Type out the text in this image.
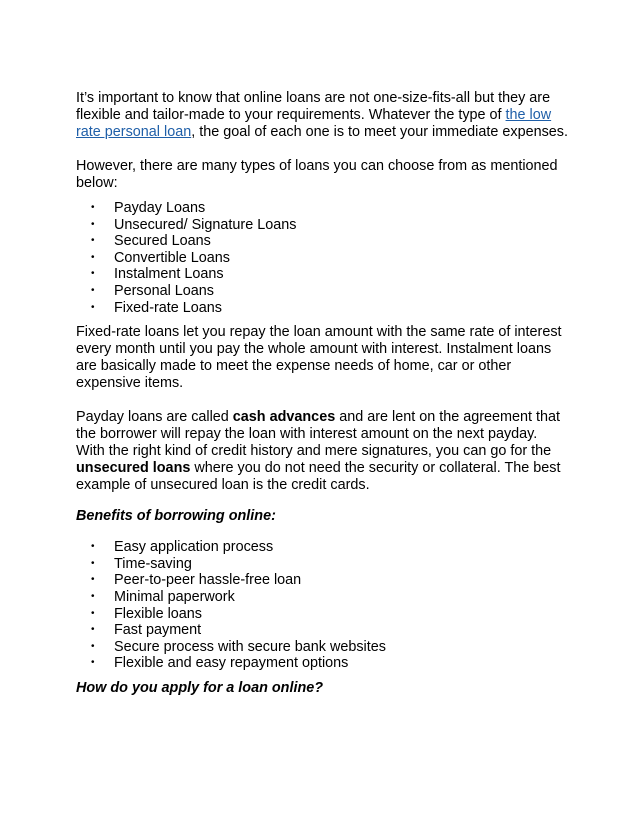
It’s important to know that online loans are not one-size-fits-all but they are flexible and tailor-made to your requirements. Whatever the type of the low rate personal loan, the goal of each one is to meet your immediate expenses.

However, there are many types of loans you can choose from as mentioned below:

• Payday Loans
• Unsecured/ Signature Loans
• Secured Loans
• Convertible Loans
• Instalment Loans
• Personal Loans
• Fixed-rate Loans

Fixed-rate loans let you repay the loan amount with the same rate of interest every month until you pay the whole amount with interest. Instalment loans are basically made to meet the expense needs of home, car or other expensive items.

Payday loans are called cash advances and are lent on the agreement that the borrower will repay the loan with interest amount on the next payday. With the right kind of credit history and mere signatures, you can go for the unsecured loans where you do not need the security or collateral. The best example of unsecured loan is the credit cards.

Benefits of borrowing online:

• Easy application process
• Time-saving
• Peer-to-peer hassle-free loan
• Minimal paperwork
• Flexible loans
• Fast payment
• Secure process with secure bank websites
• Flexible and easy repayment options

How do you apply for a loan online?
